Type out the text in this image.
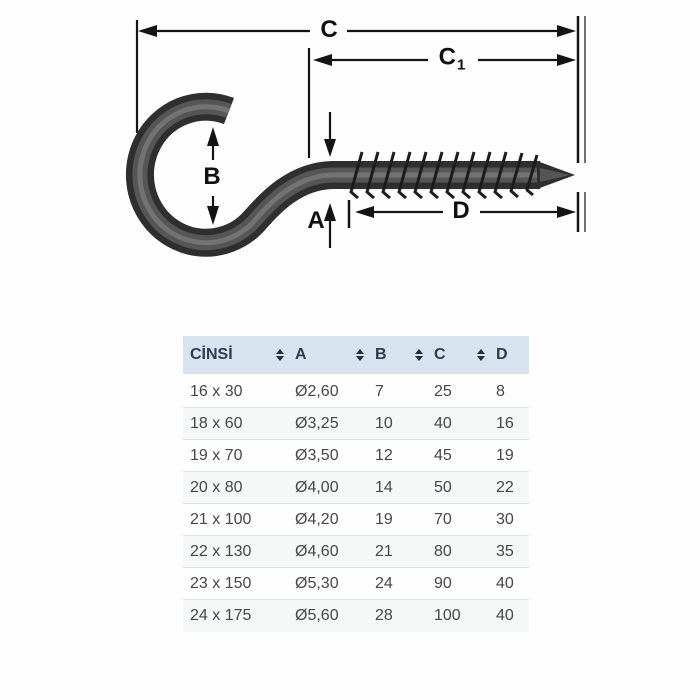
C
$C_1$
B
A	D
CİNSİ	A	B	C	D

16 x 30	Ø2,60	7	25	8
18 x 60	Ø3,25	10	40	16
19 x 70	Ø3,50	12	45	19
20 x 80	Ø4,00	14	50	22
21 x 100	Ø4,20	19	70	30
22 x 130	Ø4,60	21	80	35
23 x 150	Ø5,30	24	90	40
24 x 175	Ø5,60	28	100	40
